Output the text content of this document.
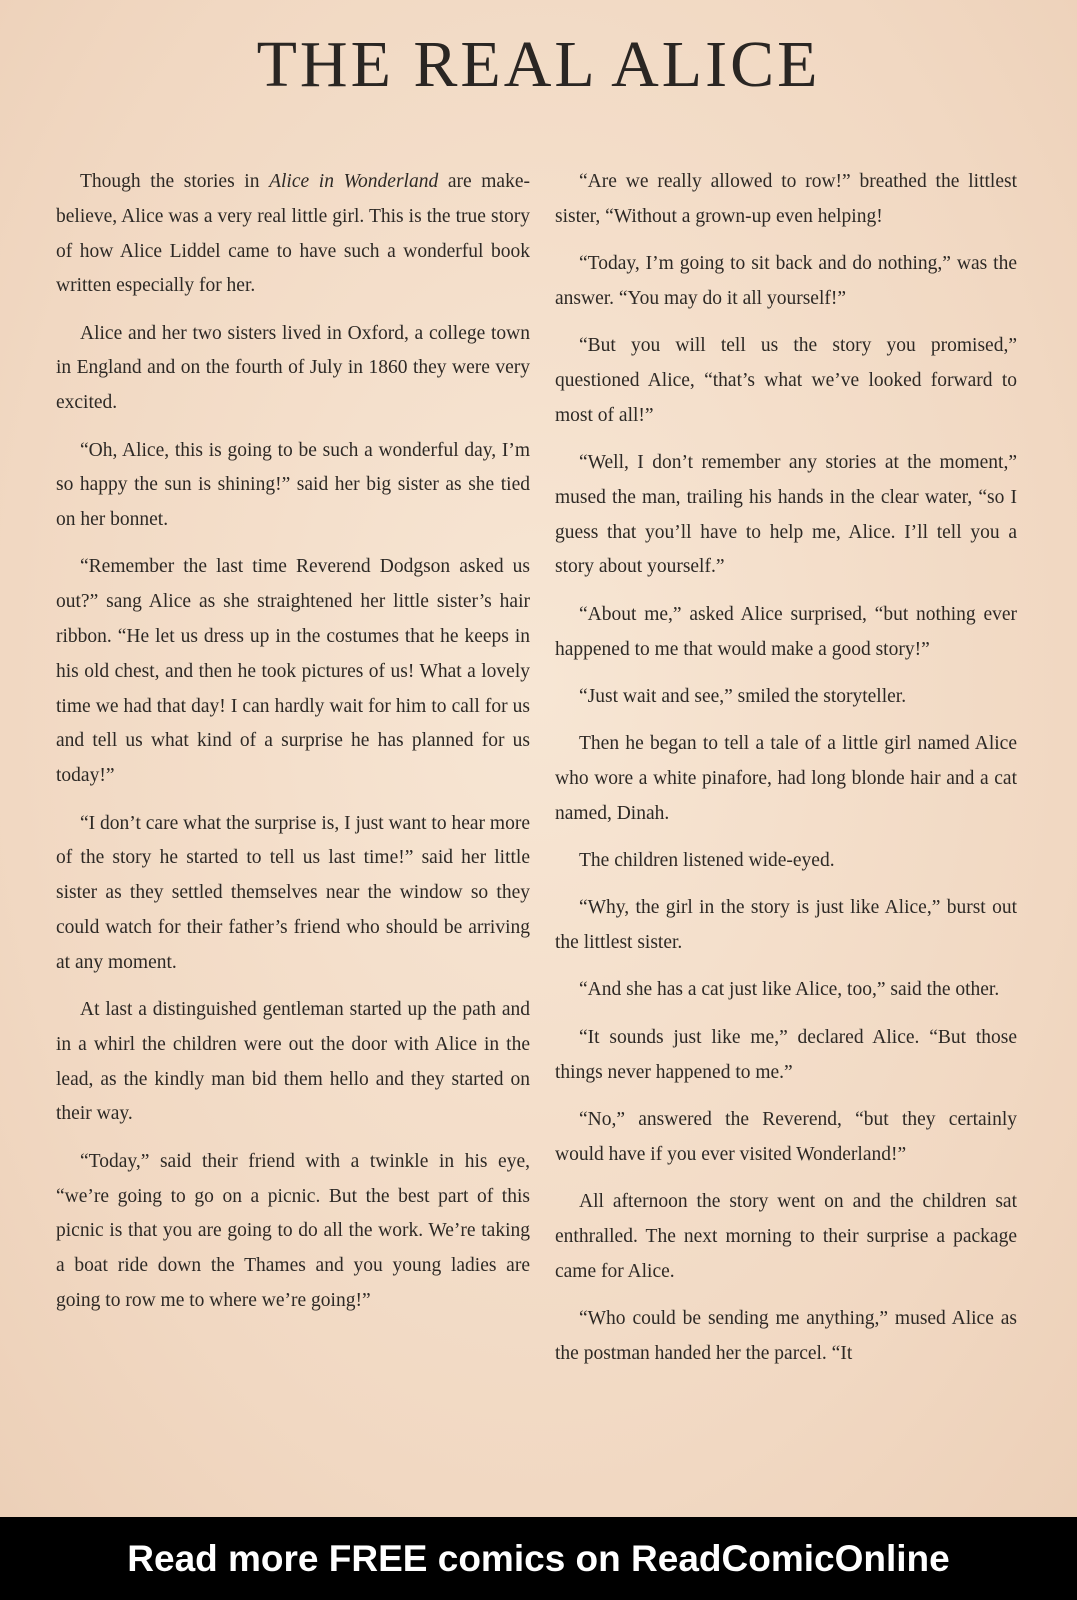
THE REAL ALICE

Though the stories in Alice in Wonderland are make-believe, Alice was a very real little girl. This is the true story of how Alice Liddel came to have such a wonderful book written especially for her.

Alice and her two sisters lived in Oxford, a college town in England and on the fourth of July in 1860 they were very excited.

“Oh, Alice, this is going to be such a wonderful day, I’m so happy the sun is shining!” said her big sister as she tied on her bonnet.

“Remember the last time Reverend Dodgson asked us out?” sang Alice as she straightened her little sister’s hair ribbon. “He let us dress up in the costumes that he keeps in his old chest, and then he took pictures of us! What a lovely time we had that day! I can hardly wait for him to call for us and tell us what kind of a surprise he has planned for us today!”

“I don’t care what the surprise is, I just want to hear more of the story he started to tell us last time!” said her little sister as they settled themselves near the window so they could watch for their father’s friend who should be arriving at any moment.

At last a distinguished gentleman started up the path and in a whirl the children were out the door with Alice in the lead, as the kindly man bid them hello and they started on their way.

“Today,” said their friend with a twinkle in his eye, “we’re going to go on a picnic. But the best part of this picnic is that you are going to do all the work. We’re taking a boat ride down the Thames and you young ladies are going to row me to where we’re going!”

“Are we really allowed to row!” breathed the littlest sister, “Without a grown-up even helping!

“Today, I’m going to sit back and do nothing,” was the answer. “You may do it all yourself!”

“But you will tell us the story you promised,” questioned Alice, “that’s what we’ve looked forward to most of all!”

“Well, I don’t remember any stories at the moment,” mused the man, trailing his hands in the clear water, “so I guess that you’ll have to help me, Alice. I’ll tell you a story about yourself.”

“About me,” asked Alice surprised, “but nothing ever happened to me that would make a good story!”

“Just wait and see,” smiled the storyteller.

Then he began to tell a tale of a little girl named Alice who wore a white pinafore, had long blonde hair and a cat named, Dinah.

The children listened wide-eyed.

“Why, the girl in the story is just like Alice,” burst out the littlest sister.

“And she has a cat just like Alice, too,” said the other.

“It sounds just like me,” declared Alice. “But those things never happened to me.”

“No,” answered the Reverend, “but they certainly would have if you ever visited Wonderland!”

All afternoon the story went on and the children sat enthralled. The next morning to their surprise a package came for Alice.

“Who could be sending me anything,” mused Alice as the postman handed her the parcel. “It

Read more FREE comics on ReadComicOnline
